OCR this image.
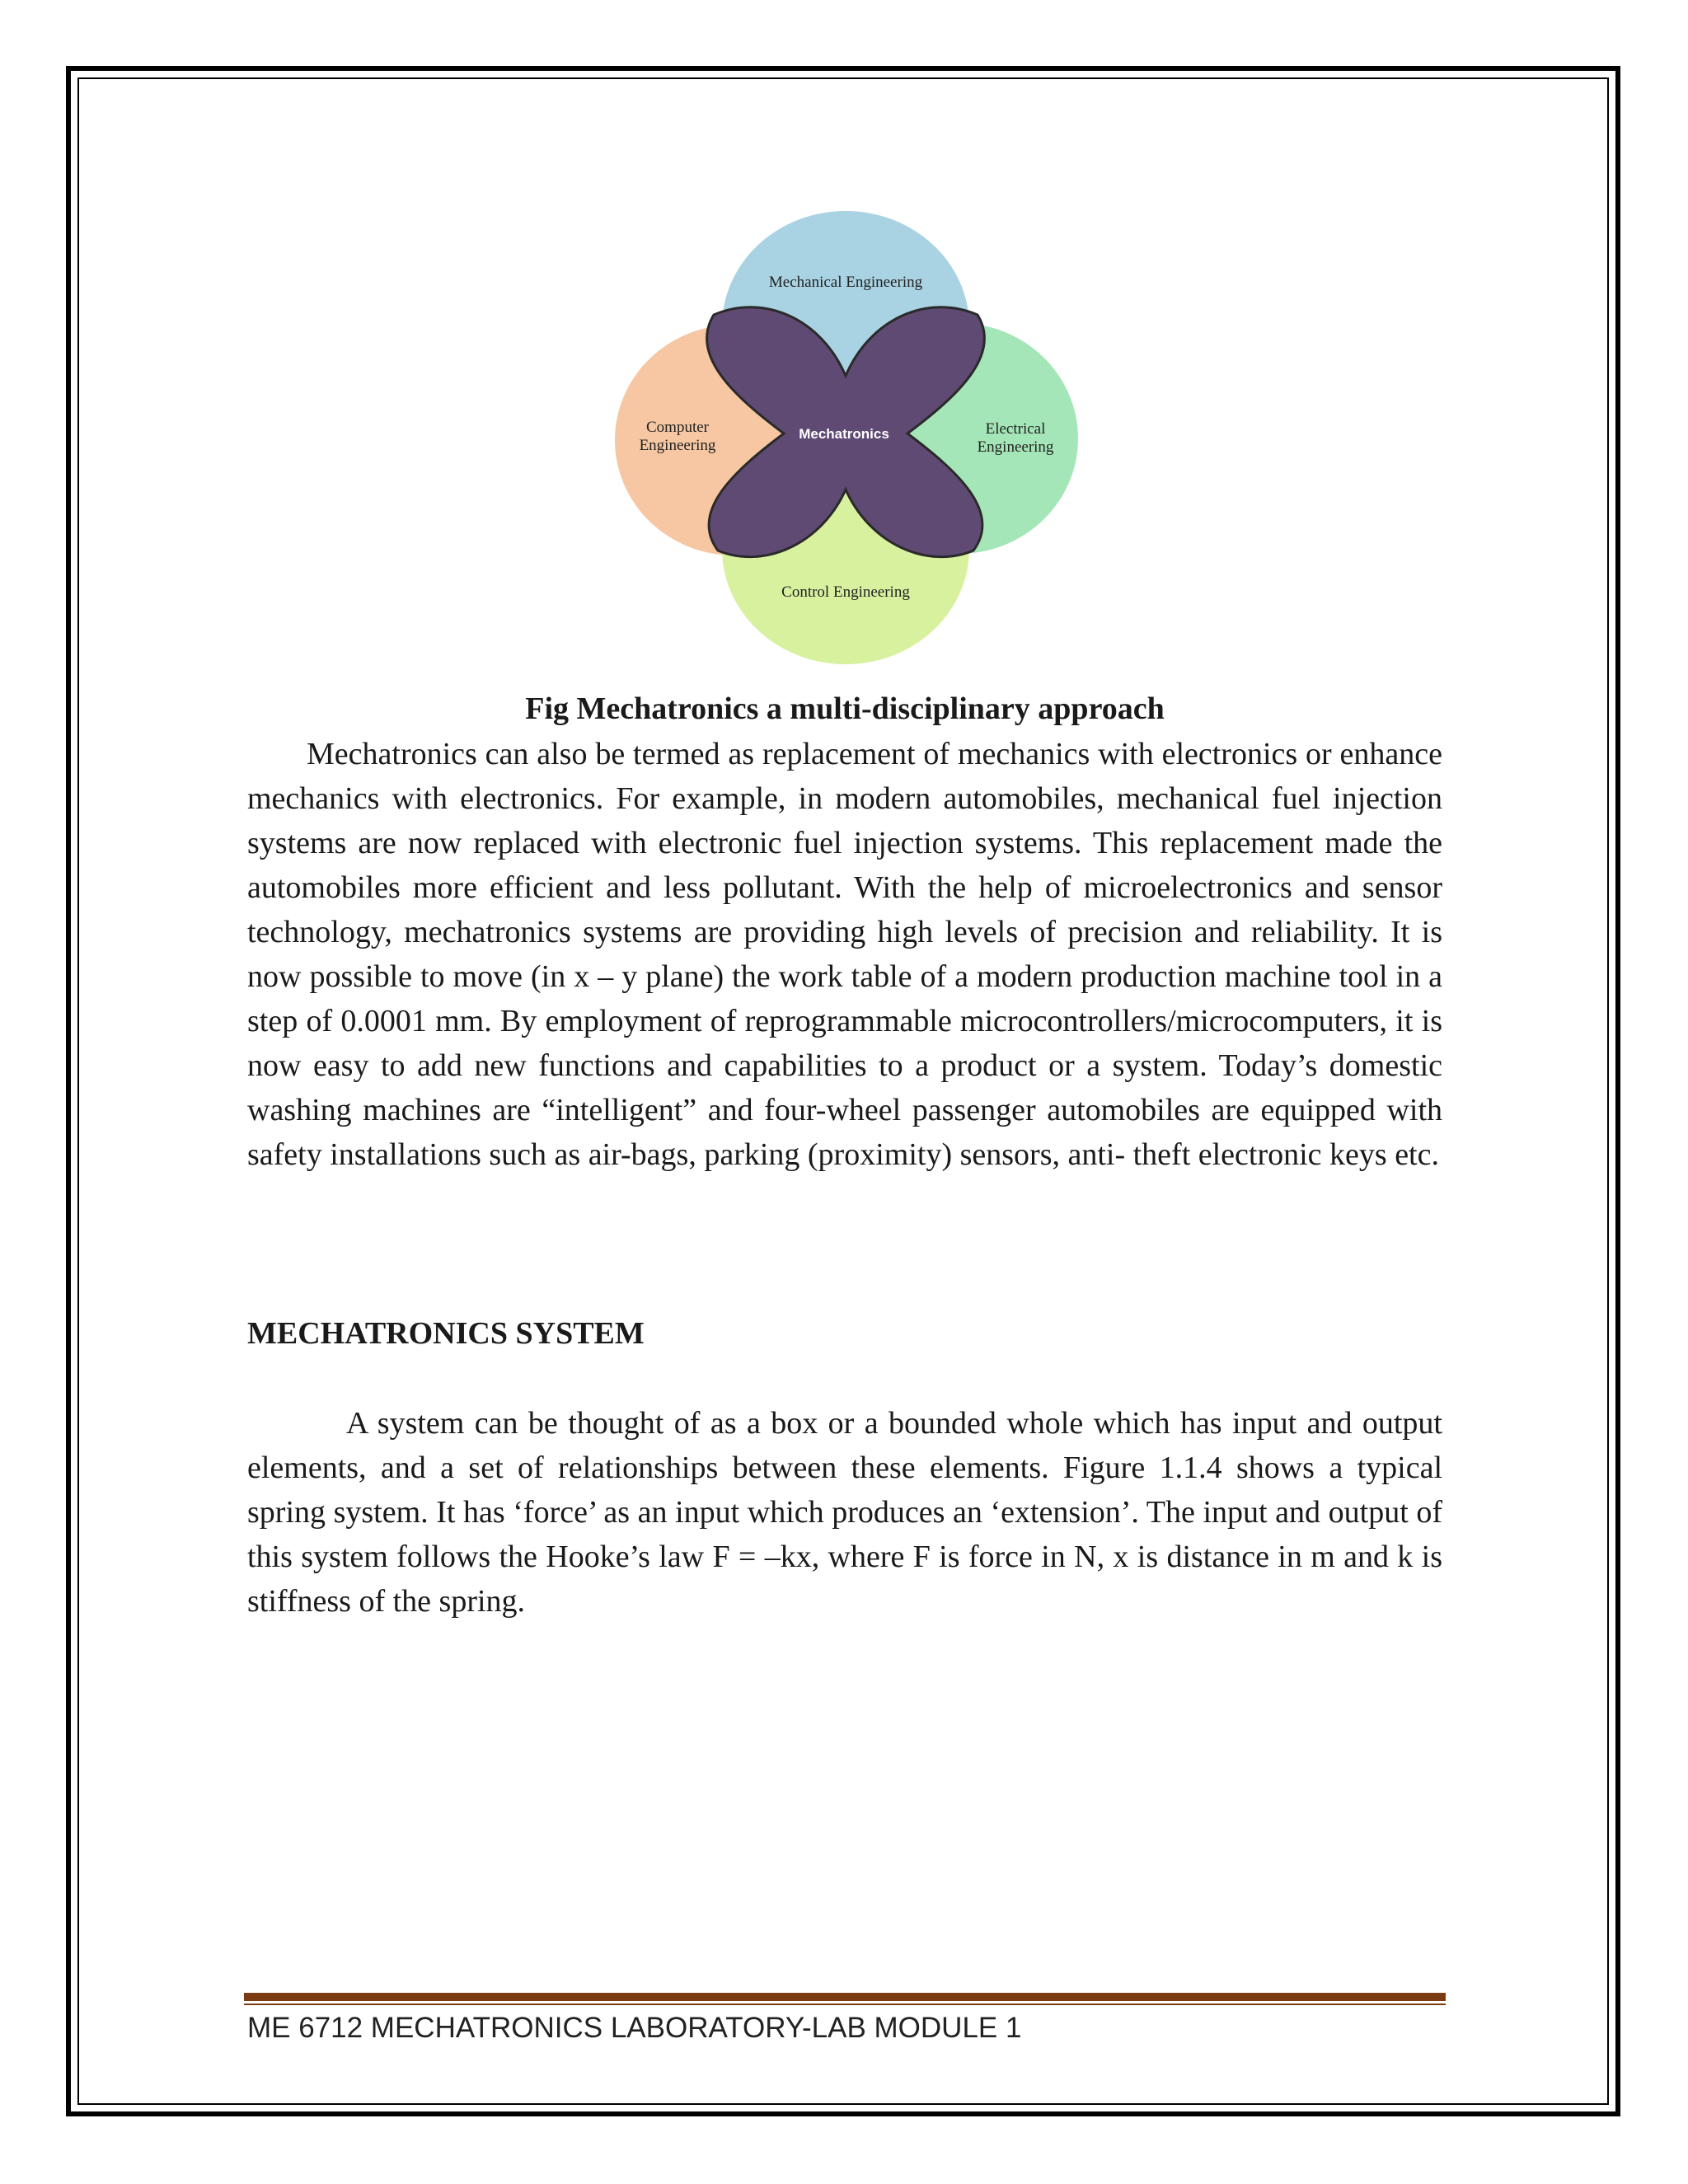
Mechanical Engineering
Computer
Engineering
Electrical
Engineering
Control Engineering
Mechatronics
Fig Mechatronics a multi-disciplinary approach

Mechatronics can also be termed as replacement of mechanics with electronics or enhance mechanics with electronics. For example, in modern automobiles, mechanical fuel injection systems are now replaced with electronic fuel injection systems. This replacement made the automobiles more efficient and less pollutant. With the help of microelectronics and sensor technology, mechatronics systems are providing high levels of precision and reliability. It is now possible to move (in x – y plane) the work table of a modern production machine tool in a step of 0.0001 mm. By employment of reprogrammable microcontrollers/microcomputers, it is now easy to add new functions and capabilities to a product or a system. Today’s domestic washing machines are “intelligent” and four-wheel passenger automobiles are equipped with safety installations such as air-bags, parking (proximity) sensors, anti- theft electronic keys etc.

MECHATRONICS SYSTEM

A system can be thought of as a box or a bounded whole which has input and output elements, and a set of relationships between these elements. Figure 1.1.4 shows a typical spring system. It has ‘force’ as an input which produces an ‘extension’. The input and output of this system follows the Hooke’s law F = –kx, where F is force in N, x is distance in m and k is stiffness of the spring.

ME 6712 MECHATRONICS LABORATORY-LAB MODULE 1
